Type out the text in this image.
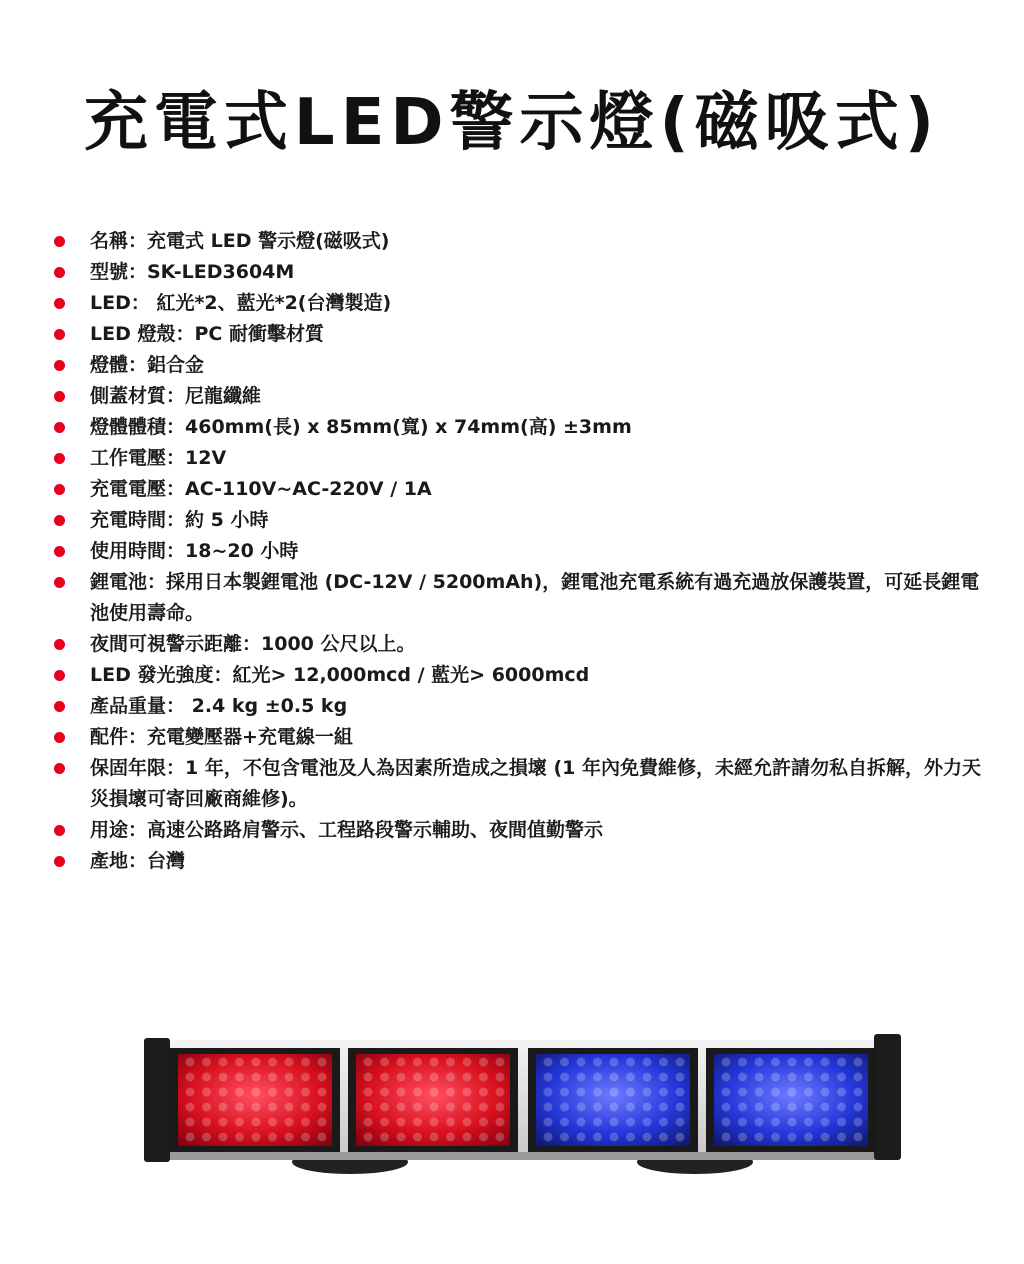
充電式LED警示燈(磁吸式)
名稱：充電式 LED 警示燈(磁吸式)
型號：SK-LED3604M
LED： 紅光*2、藍光*2(台灣製造)
LED 燈殼：PC 耐衝擊材質
燈體：鋁合金
側蓋材質：尼龍纖維
燈體體積：460mm(長) x 85mm(寬) x 74mm(高) ±3mm
工作電壓：12V
充電電壓：AC-110V~AC-220V / 1A
充電時間：約 5 小時
使用時間：18~20 小時
鋰電池：採用日本製鋰電池 (DC-12V / 5200mAh)，鋰電池充電系統有過充過放保護裝置，可延長鋰電池使用壽命。
夜間可視警示距離：1000 公尺以上。
LED 發光強度：紅光> 12,000mcd / 藍光> 6000mcd
產品重量： 2.4 kg ±0.5 kg
配件：充電變壓器+充電線一組
保固年限：1 年，不包含電池及人為因素所造成之損壞 (1 年內免費維修，未經允許請勿私自拆解，外力天災損壞可寄回廠商維修)。
用途：高速公路路肩警示、工程路段警示輔助、夜間值勤警示
產地：台灣
